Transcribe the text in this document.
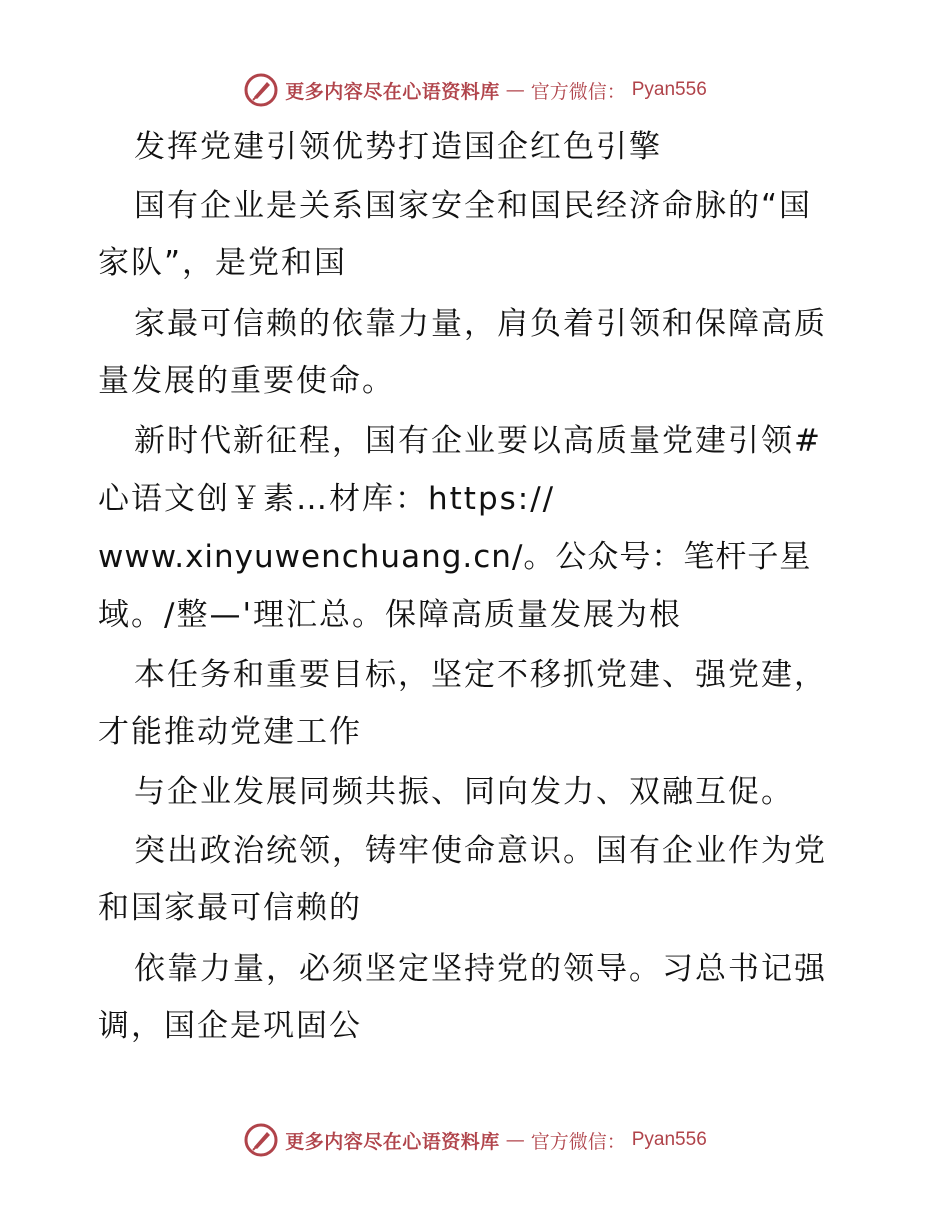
更多内容尽在心语资料库 — 官方微信： Pyan556
发挥党建引领优势打造国企红色引擎
国有企业是关系国家安全和国民经济命脉的“国
家队”，是党和国
家最可信赖的依靠力量，肩负着引领和保障高质
量发展的重要使命。
新时代新征程，国有企业要以高质量党建引领#
心语文创￥素…材库：https://
www.xinyuwenchuang.cn/。公众号：笔杆子星
域。/整—'理汇总。保障高质量发展为根
本任务和重要目标，坚定不移抓党建、强党建，
才能推动党建工作
与企业发展同频共振、同向发力、双融互促。
突出政治统领，铸牢使命意识。国有企业作为党
和国家最可信赖的
依靠力量，必须坚定坚持党的领导。习总书记强
调，国企是巩固公
更多内容尽在心语资料库 — 官方微信： Pyan556
